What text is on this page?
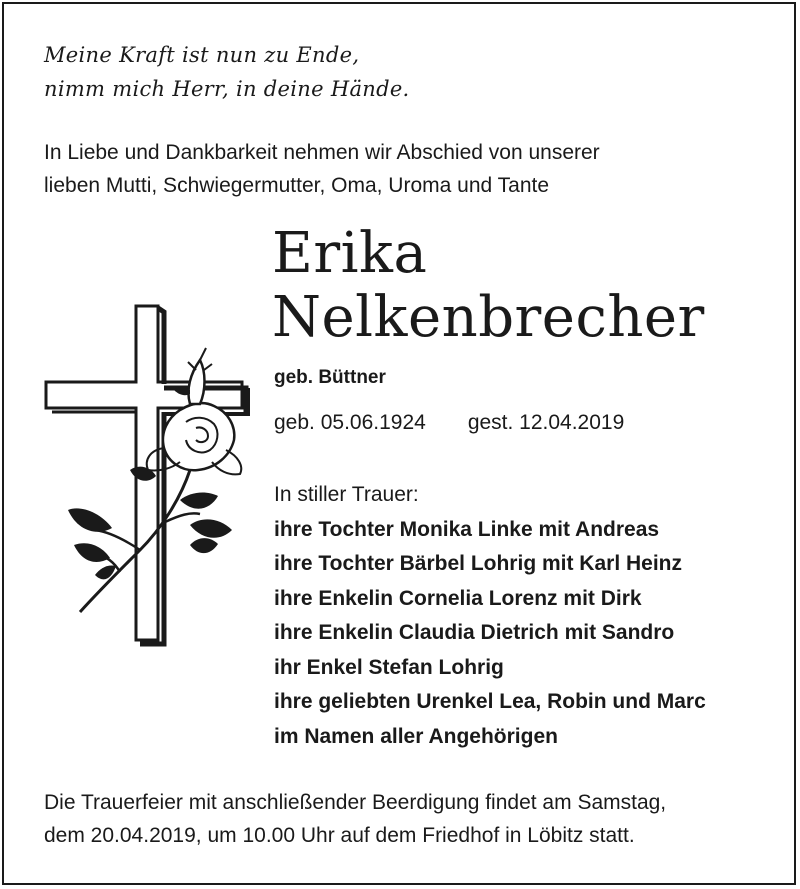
Meine Kraft ist nun zu Ende,
nimm mich Herr, in deine Hände.
In Liebe und Dankbarkeit nehmen wir Abschied von unserer
lieben Mutti, Schwiegermutter, Oma, Uroma und Tante
Erika
Nelkenbrecher
geb. Büttner
geb. 05.06.1924 gest. 12.04.2019
In stiller Trauer:
ihre Tochter Monika Linke mit Andreas
ihre Tochter Bärbel Lohrig mit Karl Heinz
ihre Enkelin Cornelia Lorenz mit Dirk
ihre Enkelin Claudia Dietrich mit Sandro
ihr Enkel Stefan Lohrig
ihre geliebten Urenkel Lea, Robin und Marc
im Namen aller Angehörigen
Die Trauerfeier mit anschließender Beerdigung findet am Samstag,
dem 20.04.2019, um 10.00 Uhr auf dem Friedhof in Löbitz statt.
